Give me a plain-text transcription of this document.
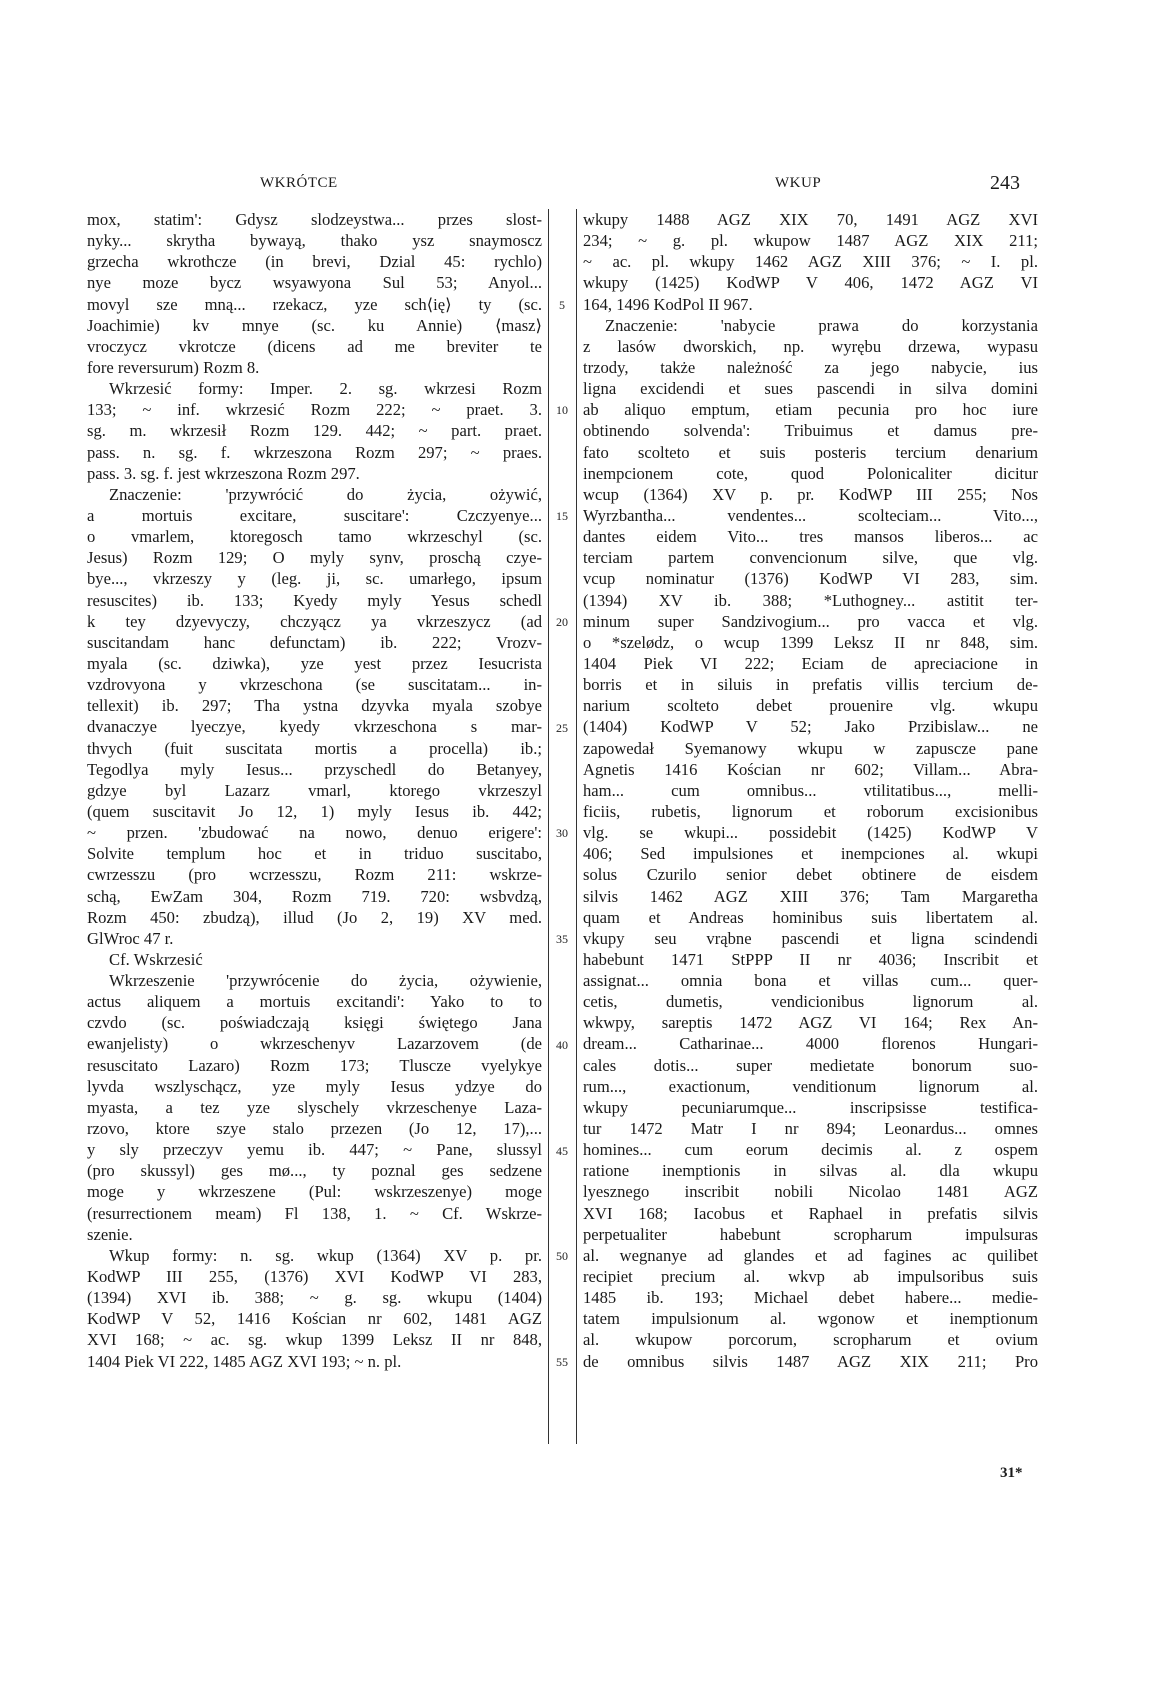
WKRÓTCE	WKUP	243
mox, statim': Gdysz slodzeystwa... przes slost-
nyky... skrytha bywayą, thako ysz snaymoscz
grzecha wkrothcze (in brevi, Dzial 45: rychlo)
nye moze bycz wsyawyona Sul 53; Anyol...
movyl sze mną... rzekacz, yze sch⟨ię⟩ ty (sc.
Joachimie) kv mnye (sc. ku Annie) ⟨masz⟩
vroczycz vkrotcze (dicens ad me breviter te
fore reversurum) Rozm 8.
Wkrzesić formy: Imper. 2. sg. wkrzesi Rozm
133; ~ inf. wkrzesić Rozm 222; ~ praet. 3.
sg. m. wkrzesił Rozm 129. 442; ~ part. praet.
pass. n. sg. f. wkrzeszona Rozm 297; ~ praes.
pass. 3. sg. f. jest wkrzeszona Rozm 297.
Znaczenie: 'przywrócić do życia, ożywić,
a mortuis excitare, suscitare': Czczyenye...
o vmarlem, ktoregosch tamo wkrzeschyl (sc.
Jesus) Rozm 129; O myly synv, proschą czye-
bye..., vkrzeszy y (leg. ji, sc. umarłego, ipsum
resuscites) ib. 133; Kyedy myly Yesus schedl
k tey dzyevyczy, chczyącz ya vkrzeszycz (ad
suscitandam hanc defunctam) ib. 222; Vrozv-
myala (sc. dziwka), yze yest przez Iesucrista
vzdrovyona y vkrzeschona (se suscitatam... in-
tellexit) ib. 297; Tha ystna dzyvka myala szobye
dvanaczye lyeczye, kyedy vkrzeschona s mar-
thvych (fuit suscitata mortis a procella) ib.;
Tegodlya myly Iesus... przyschedl do Betanyey,
gdzye byl Lazarz vmarl, ktorego vkrzeszyl
(quem suscitavit Jo 12, 1) myly Iesus ib. 442;
~ przen. 'zbudować na nowo, denuo erigere':
Solvite templum hoc et in triduo suscitabo,
cwrzesszu (pro wcrzesszu, Rozm 211: wskrze-
schą, EwZam 304, Rozm 719. 720: wsbvdzą,
Rozm 450: zbudzą), illud (Jo 2, 19) XV med.
GlWroc 47 r.
Cf. Wskrzesić
Wkrzeszenie 'przywrócenie do życia, ożywienie,
actus aliquem a mortuis excitandi': Yako to to
czvdo (sc. poświadczają księgi świętego Jana
ewanjelisty) o wkrzeschenyv Lazarzovem (de
resuscitato Lazaro) Rozm 173; Tluscze vyelykye
lyvda wszlyschącz, yze myly Iesus ydzye do
myasta, a tez yze slyschely vkrzeschenye Laza-
rzovo, ktore szye stalo przezen (Jo 12, 17),...
y sly przeczyv yemu ib. 447; ~ Pane, slussyl
(pro skussyl) ges mø..., ty poznal ges sedzene
moge y wkrzeszene (Pul: wskrzeszenye) moge
(resurrectionem meam) Fl 138, 1. ~ Cf. Wskrze-
szenie.
Wkup formy: n. sg. wkup (1364) XV p. pr.
KodWP III 255, (1376) XVI KodWP VI 283,
(1394) XVI ib. 388; ~ g. sg. wkupu (1404)
KodWP V 52, 1416 Kościan nr 602, 1481 AGZ
XVI 168; ~ ac. sg. wkup 1399 Leksz II nr 848,
1404 Piek VI 222, 1485 AGZ XVI 193; ~ n. pl.
5
10
15
20
25
30
35
40
45
50
55
wkupy 1488 AGZ XIX 70, 1491 AGZ XVI
234; ~ g. pl. wkupow 1487 AGZ XIX 211;
~ ac. pl. wkupy 1462 AGZ XIII 376; ~ I. pl.
wkupy (1425) KodWP V 406, 1472 AGZ VI
164, 1496 KodPol II 967.
Znaczenie: 'nabycie prawa do korzystania
z lasów dworskich, np. wyrębu drzewa, wypasu
trzody, także należność za jego nabycie, ius
ligna excidendi et sues pascendi in silva domini
ab aliquo emptum, etiam pecunia pro hoc iure
obtinendo solvenda': Tribuimus et damus pre-
fato scolteto et suis posteris tercium denarium
inempcionem cote, quod Polonicaliter dicitur
wcup (1364) XV p. pr. KodWP III 255; Nos
Wyrzbantha... vendentes... scolteciam... Vito...,
dantes eidem Vito... tres mansos liberos... ac
terciam partem convencionum silve, que vlg.
vcup nominatur (1376) KodWP VI 283, sim.
(1394) XV ib. 388; *Luthogney... astitit ter-
minum super Sandzivogium... pro vacca et vlg.
o *szelødz, o wcup 1399 Leksz II nr 848, sim.
1404 Piek VI 222; Eciam de apreciacione in
borris et in siluis in prefatis villis tercium de-
narium scolteto debet prouenire vlg. wkupu
(1404) KodWP V 52; Jako Przibislaw... ne
zapowedał Syemanowy wkupu w zapuscze pane
Agnetis 1416 Kościan nr 602; Villam... Abra-
ham... cum omnibus... vtilitatibus..., melli-
ficiis, rubetis, lignorum et roborum excisionibus
vlg. se wkupi... possidebit (1425) KodWP V
406; Sed impulsiones et inempciones al. wkupi
solus Czurilo senior debet obtinere de eisdem
silvis 1462 AGZ XIII 376; Tam Margaretha
quam et Andreas hominibus suis libertatem al.
vkupy seu vrąbne pascendi et ligna scindendi
habebunt 1471 StPPP II nr 4036; Inscribit et
assignat... omnia bona et villas cum... quer-
cetis, dumetis, vendicionibus lignorum al.
wkwpy, sareptis 1472 AGZ VI 164; Rex An-
dream... Catharinae... 4000 florenos Hungari-
cales dotis... super medietate bonorum suo-
rum..., exactionum, venditionum lignorum al.
wkupy pecuniarumque... inscripsisse testifica-
tur 1472 Matr I nr 894; Leonardus... omnes
homines... cum eorum decimis al. z ospem
ratione inemptionis in silvas al. dla wkupu
lyesznego inscribit nobili Nicolao 1481 AGZ
XVI 168; Iacobus et Raphael in prefatis silvis
perpetualiter habebunt scropharum impulsuras
al. wegnanye ad glandes et ad fagines ac quilibet
recipiet precium al. wkvp ab impulsoribus suis
1485 ib. 193; Michael debet habere... medie-
tatem impulsionum al. wgonow et inemptionum
al. wkupow porcorum, scropharum et ovium
de omnibus silvis 1487 AGZ XIX 211; Pro
31*
